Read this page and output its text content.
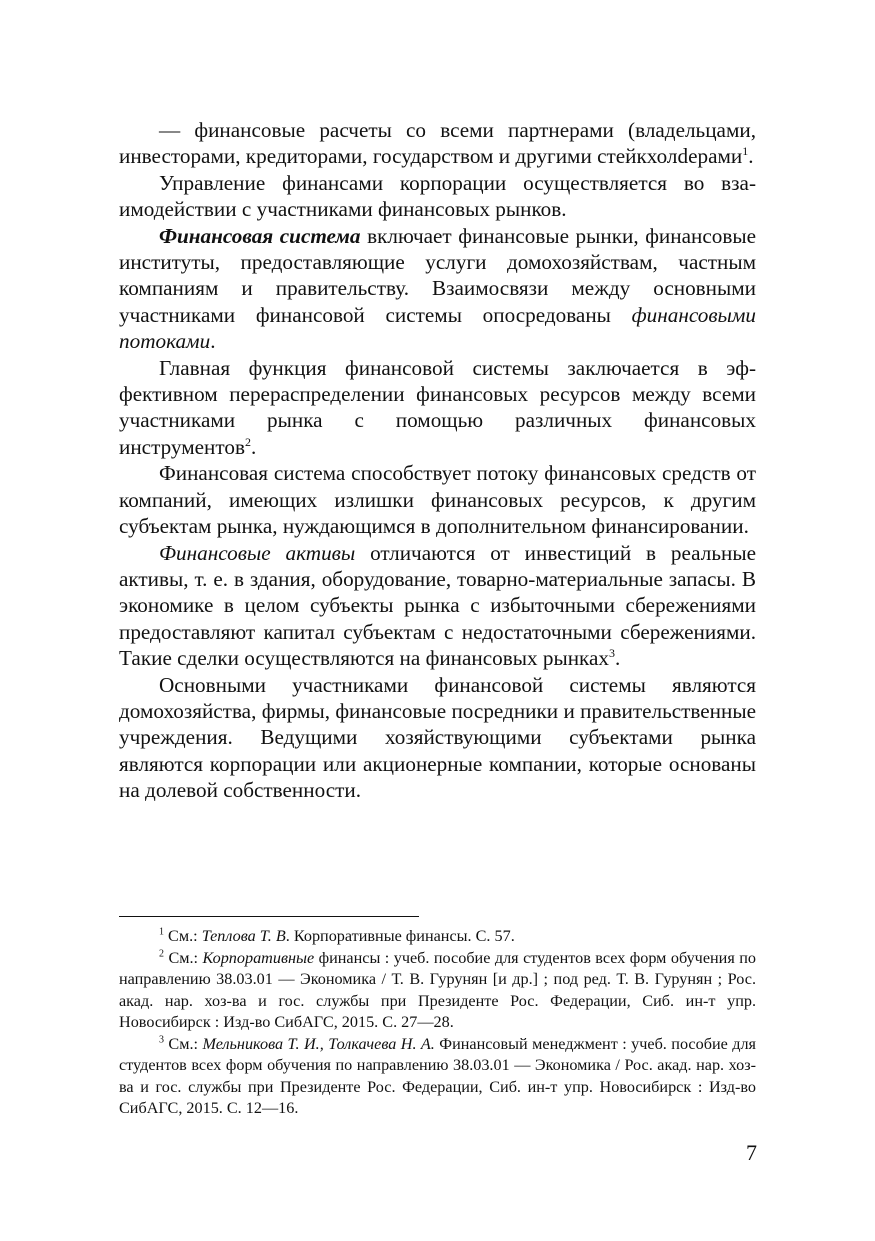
— финансовые расчеты со всеми партнерами (владельцами, инвесторами, кредиторами, государством и другими стейкхолdерами$^1$.

Управление финансами корпорации осуществляется во взаимодействии с участниками финансовых рынков.

Финансовая система включает финансовые рынки, финансовые институты, предоставляющие услуги домохозяйствам, частным компаниям и правительству. Взаимосвязи между основными участниками финансовой системы опосредованы финансовыми потоками.

Главная функция финансовой системы заключается в эффективном перераспределении финансовых ресурсов между всеми участниками рынка с помощью различных финансовых инструментов$^2$.

Финансовая система способствует потоку финансовых средств от компаний, имеющих излишки финансовых ресурсов, к другим субъектам рынка, нуждающимся в дополнительном финансировании.

Финансовые активы отличаются от инвестиций в реальные активы, т. е. в здания, оборудование, товарно-материальные запасы. В экономике в целом субъекты рынка с избыточными сбережениями предоставляют капитал субъектам с недостаточными сбережениями. Такие сделки осуществляются на финансовых рынках$^3$.

Основными участниками финансовой системы являются домохозяйства, фирмы, финансовые посредники и правительственные учреждения. Ведущими хозяйствующими субъектами рынка являются корпорации или акционерные компании, которые основаны на долевой собственности.

$^1$ См.: Теплова Т. В. Корпоративные финансы. С. 57.

$^2$ См.: Корпоративные финансы : учеб. пособие для студентов всех форм обучения по направлению 38.03.01 — Экономика / Т. В. Гурунян [и др.] ; под ред. Т. В. Гурунян ; Рос. акад. нар. хоз-ва и гос. службы при Президенте Рос. Федерации, Сиб. ин-т упр. Новосибирск : Изд-во СибАГС, 2015. С. 27—28.

$^3$ См.: Мельникова Т. И., Толкачева Н. А. Финансовый менеджмент : учеб. пособие для студентов всех форм обучения по направлению 38.03.01 — Экономика / Рос. акад. нар. хоз-ва и гос. службы при Президенте Рос. Федерации, Сиб. ин-т упр. Новосибирск : Изд-во СибАГС, 2015. С. 12—16.

7
